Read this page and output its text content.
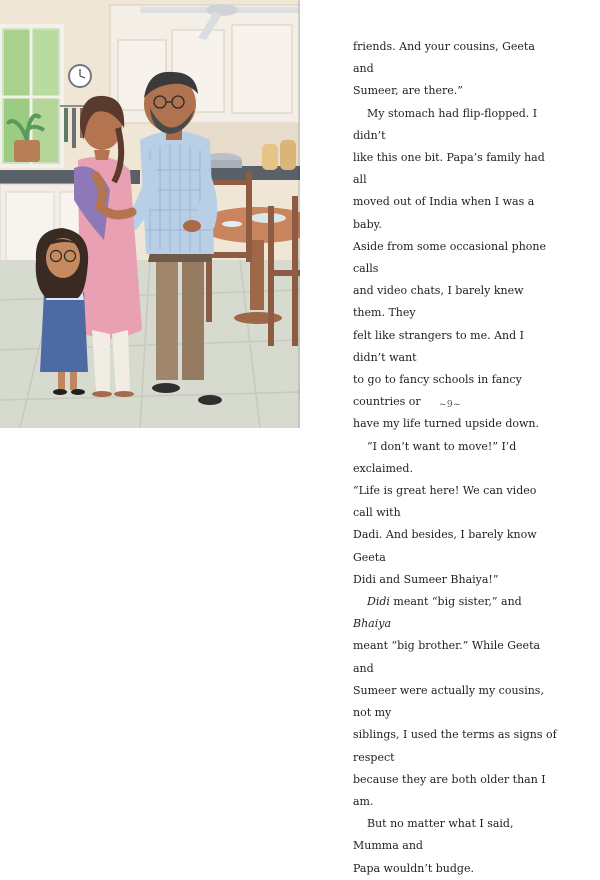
friends. And your cousins, Geeta and
Sumeer, are there.”

My stomach had flip-flopped. I didn’t
like this one bit. Papa’s family had all
moved out of India when I was a baby.
Aside from some occasional phone calls
and video chats, I barely knew them. They
felt like strangers to me. And I didn’t want
to go to fancy schools in fancy countries or
have my life turned upside down.

“I don’t want to move!” I’d exclaimed.
“Life is great here! We can video call with
Dadi. And besides, I barely know Geeta
Didi and Sumeer Bhaiya!”

Didi meant “big sister,” and Bhaiya
meant “big brother.” While Geeta and
Sumeer were actually my cousins, not my
siblings, I used the terms as signs of respect
because they are both older than I am.

But no matter what I said, Mumma and
Papa wouldn’t budge.

~9~
